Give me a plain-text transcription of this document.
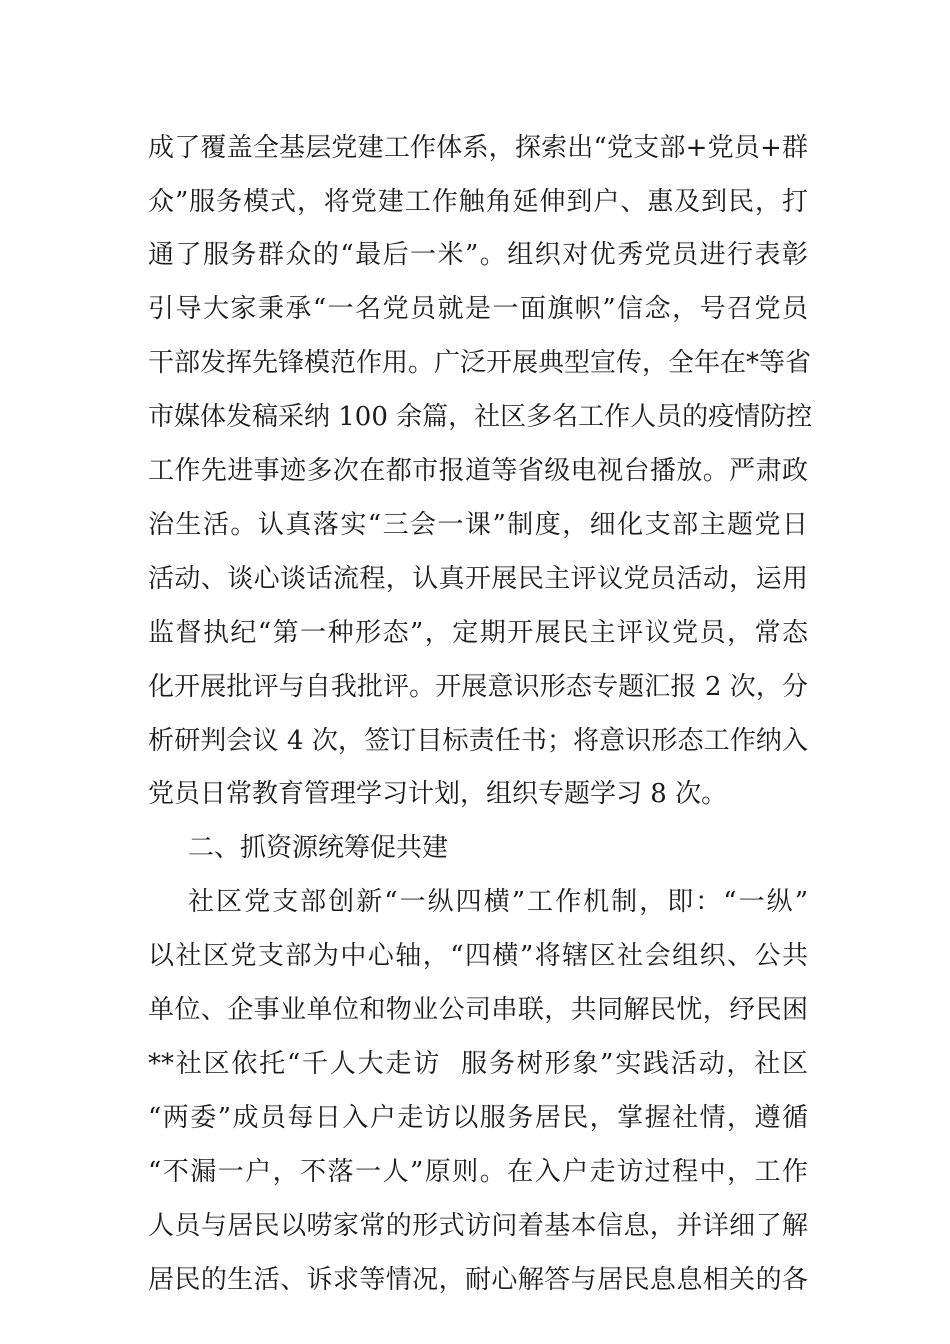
成了覆盖全基层党建工作体系，探索出“党支部+党员+群
众”服务模式，将党建工作触角延伸到户、惠及到民，打
通了服务群众的“最后一米”。组织对优秀党员进行表彰
引导大家秉承“一名党员就是一面旗帜”信念，号召党员
干部发挥先锋模范作用。广泛开展典型宣传，全年在*等省
市媒体发稿采纳 100 余篇，社区多名工作人员的疫情防控
工作先进事迹多次在都市报道等省级电视台播放。严肃政
治生活。认真落实“三会一课”制度，细化支部主题党日
活动、谈心谈话流程，认真开展民主评议党员活动，运用
监督执纪“第一种形态”，定期开展民主评议党员，常态
化开展批评与自我批评。开展意识形态专题汇报 2 次，分
析研判会议 4 次，签订目标责任书；将意识形态工作纳入
党员日常教育管理学习计划，组织专题学习 8 次。
二、抓资源统筹促共建
社区党支部创新“一纵四横”工作机制，即：“一纵”
以社区党支部为中心轴，“四横”将辖区社会组织、公共
单位、企事业单位和物业公司串联，共同解民忧，纾民困
**社区依托“千人大走访  服务树形象”实践活动，社区
“两委”成员每日入户走访以服务居民，掌握社情，遵循
“不漏一户，不落一人”原则。在入户走访过程中，工作
人员与居民以唠家常的形式访问着基本信息，并详细了解
居民的生活、诉求等情况，耐心解答与居民息息相关的各
